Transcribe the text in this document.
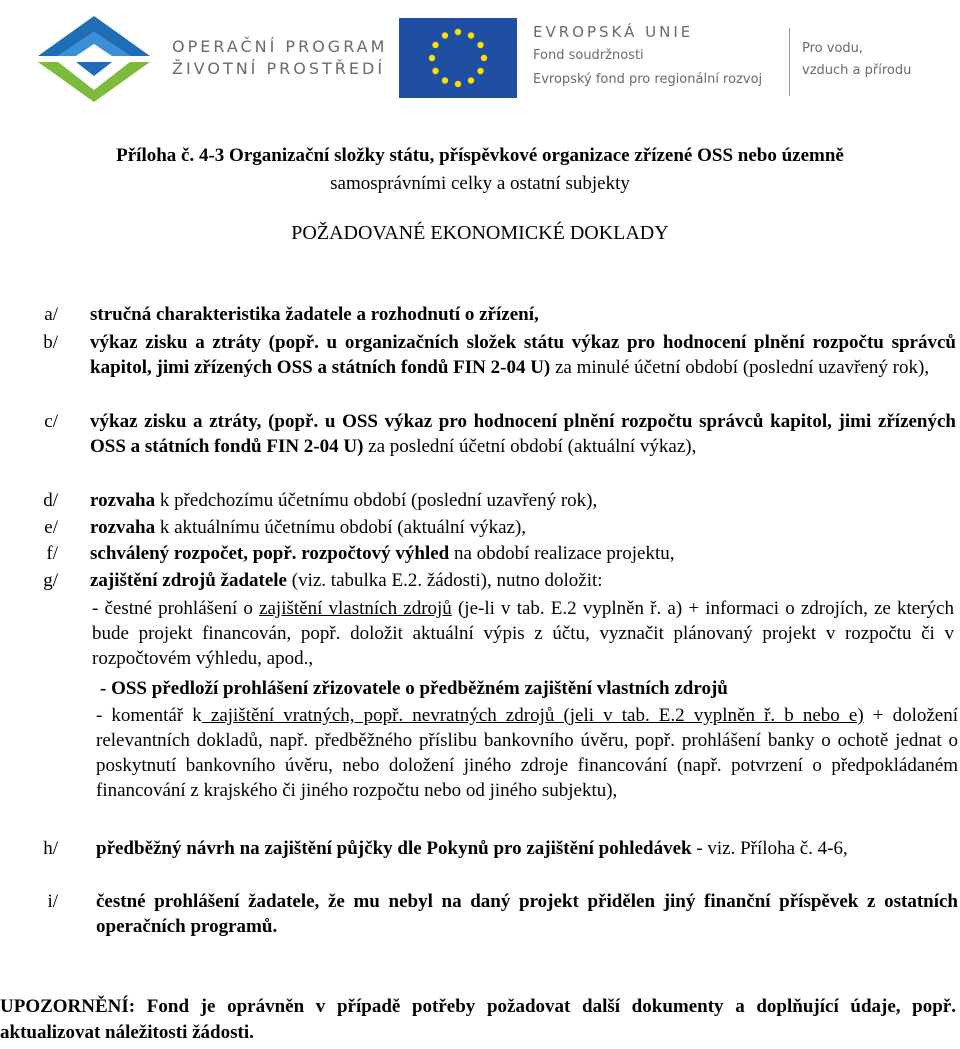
OPERAČNÍ PROGRAM
ŽIVOTNÍ PROSTŘEDÍ
EVROPSKÁ UNIE
Fond soudržnosti
Evropský fond pro regionální rozvoj
Pro vodu,
vzduch a přírodu
Příloha č. 4-3 Organizační složky státu, příspěvkové organizace zřízené OSS nebo územně
samosprávními celky a ostatní subjekty
POŽADOVANÉ EKONOMICKÉ DOKLADY
a/ stručná charakteristika žadatele a rozhodnutí o zřízení,
b/ výkaz zisku a ztráty (popř. u organizačních složek státu výkaz pro hodnocení plnění rozpočtu správců kapitol, jimi zřízených OSS a státních fondů FIN 2-04 U) za minulé účetní období (poslední uzavřený rok),
c/ výkaz zisku a ztráty, (popř. u OSS výkaz pro hodnocení plnění rozpočtu správců kapitol, jimi zřízených OSS a státních fondů FIN 2-04 U) za poslední účetní období (aktuální výkaz),
d/ rozvaha k předchozímu účetnímu období (poslední uzavřený rok),
e/ rozvaha k aktuálnímu účetnímu období (aktuální výkaz),
f/ schválený rozpočet, popř. rozpočtový výhled na období realizace projektu,
g/ zajištění zdrojů žadatele (viz. tabulka E.2. žádosti), nutno doložit:
- čestné prohlášení o zajištění vlastních zdrojů (je-li v tab. E.2 vyplněn ř. a) + informaci o zdrojích, ze kterých bude projekt financován, popř. doložit aktuální výpis z účtu, vyznačit plánovaný projekt v rozpočtu či v rozpočtovém výhledu, apod.,
- OSS předloží prohlášení zřizovatele o předběžném zajištění vlastních zdrojů
- komentář k zajištění vratných, popř. nevratných zdrojů (jeli v tab. E.2 vyplněn ř. b nebo e) + doložení relevantních dokladů, např. předběžného příslibu bankovního úvěru, popř. prohlášení banky o ochotě jednat o poskytnutí bankovního úvěru, nebo doložení jiného zdroje financování (např. potvrzení o předpokládaném financování z krajského či jiného rozpočtu nebo od jiného subjektu),
h/ předběžný návrh na zajištění půjčky dle Pokynů pro zajištění pohledávek - viz. Příloha č. 4-6,
i/ čestné prohlášení žadatele, že mu nebyl na daný projekt přidělen jiný finanční příspěvek z ostatních operačních programů.
UPOZORNĚNÍ: Fond je oprávněn v případě potřeby požadovat další dokumenty a doplňující údaje, popř. aktualizovat náležitosti žádosti.
